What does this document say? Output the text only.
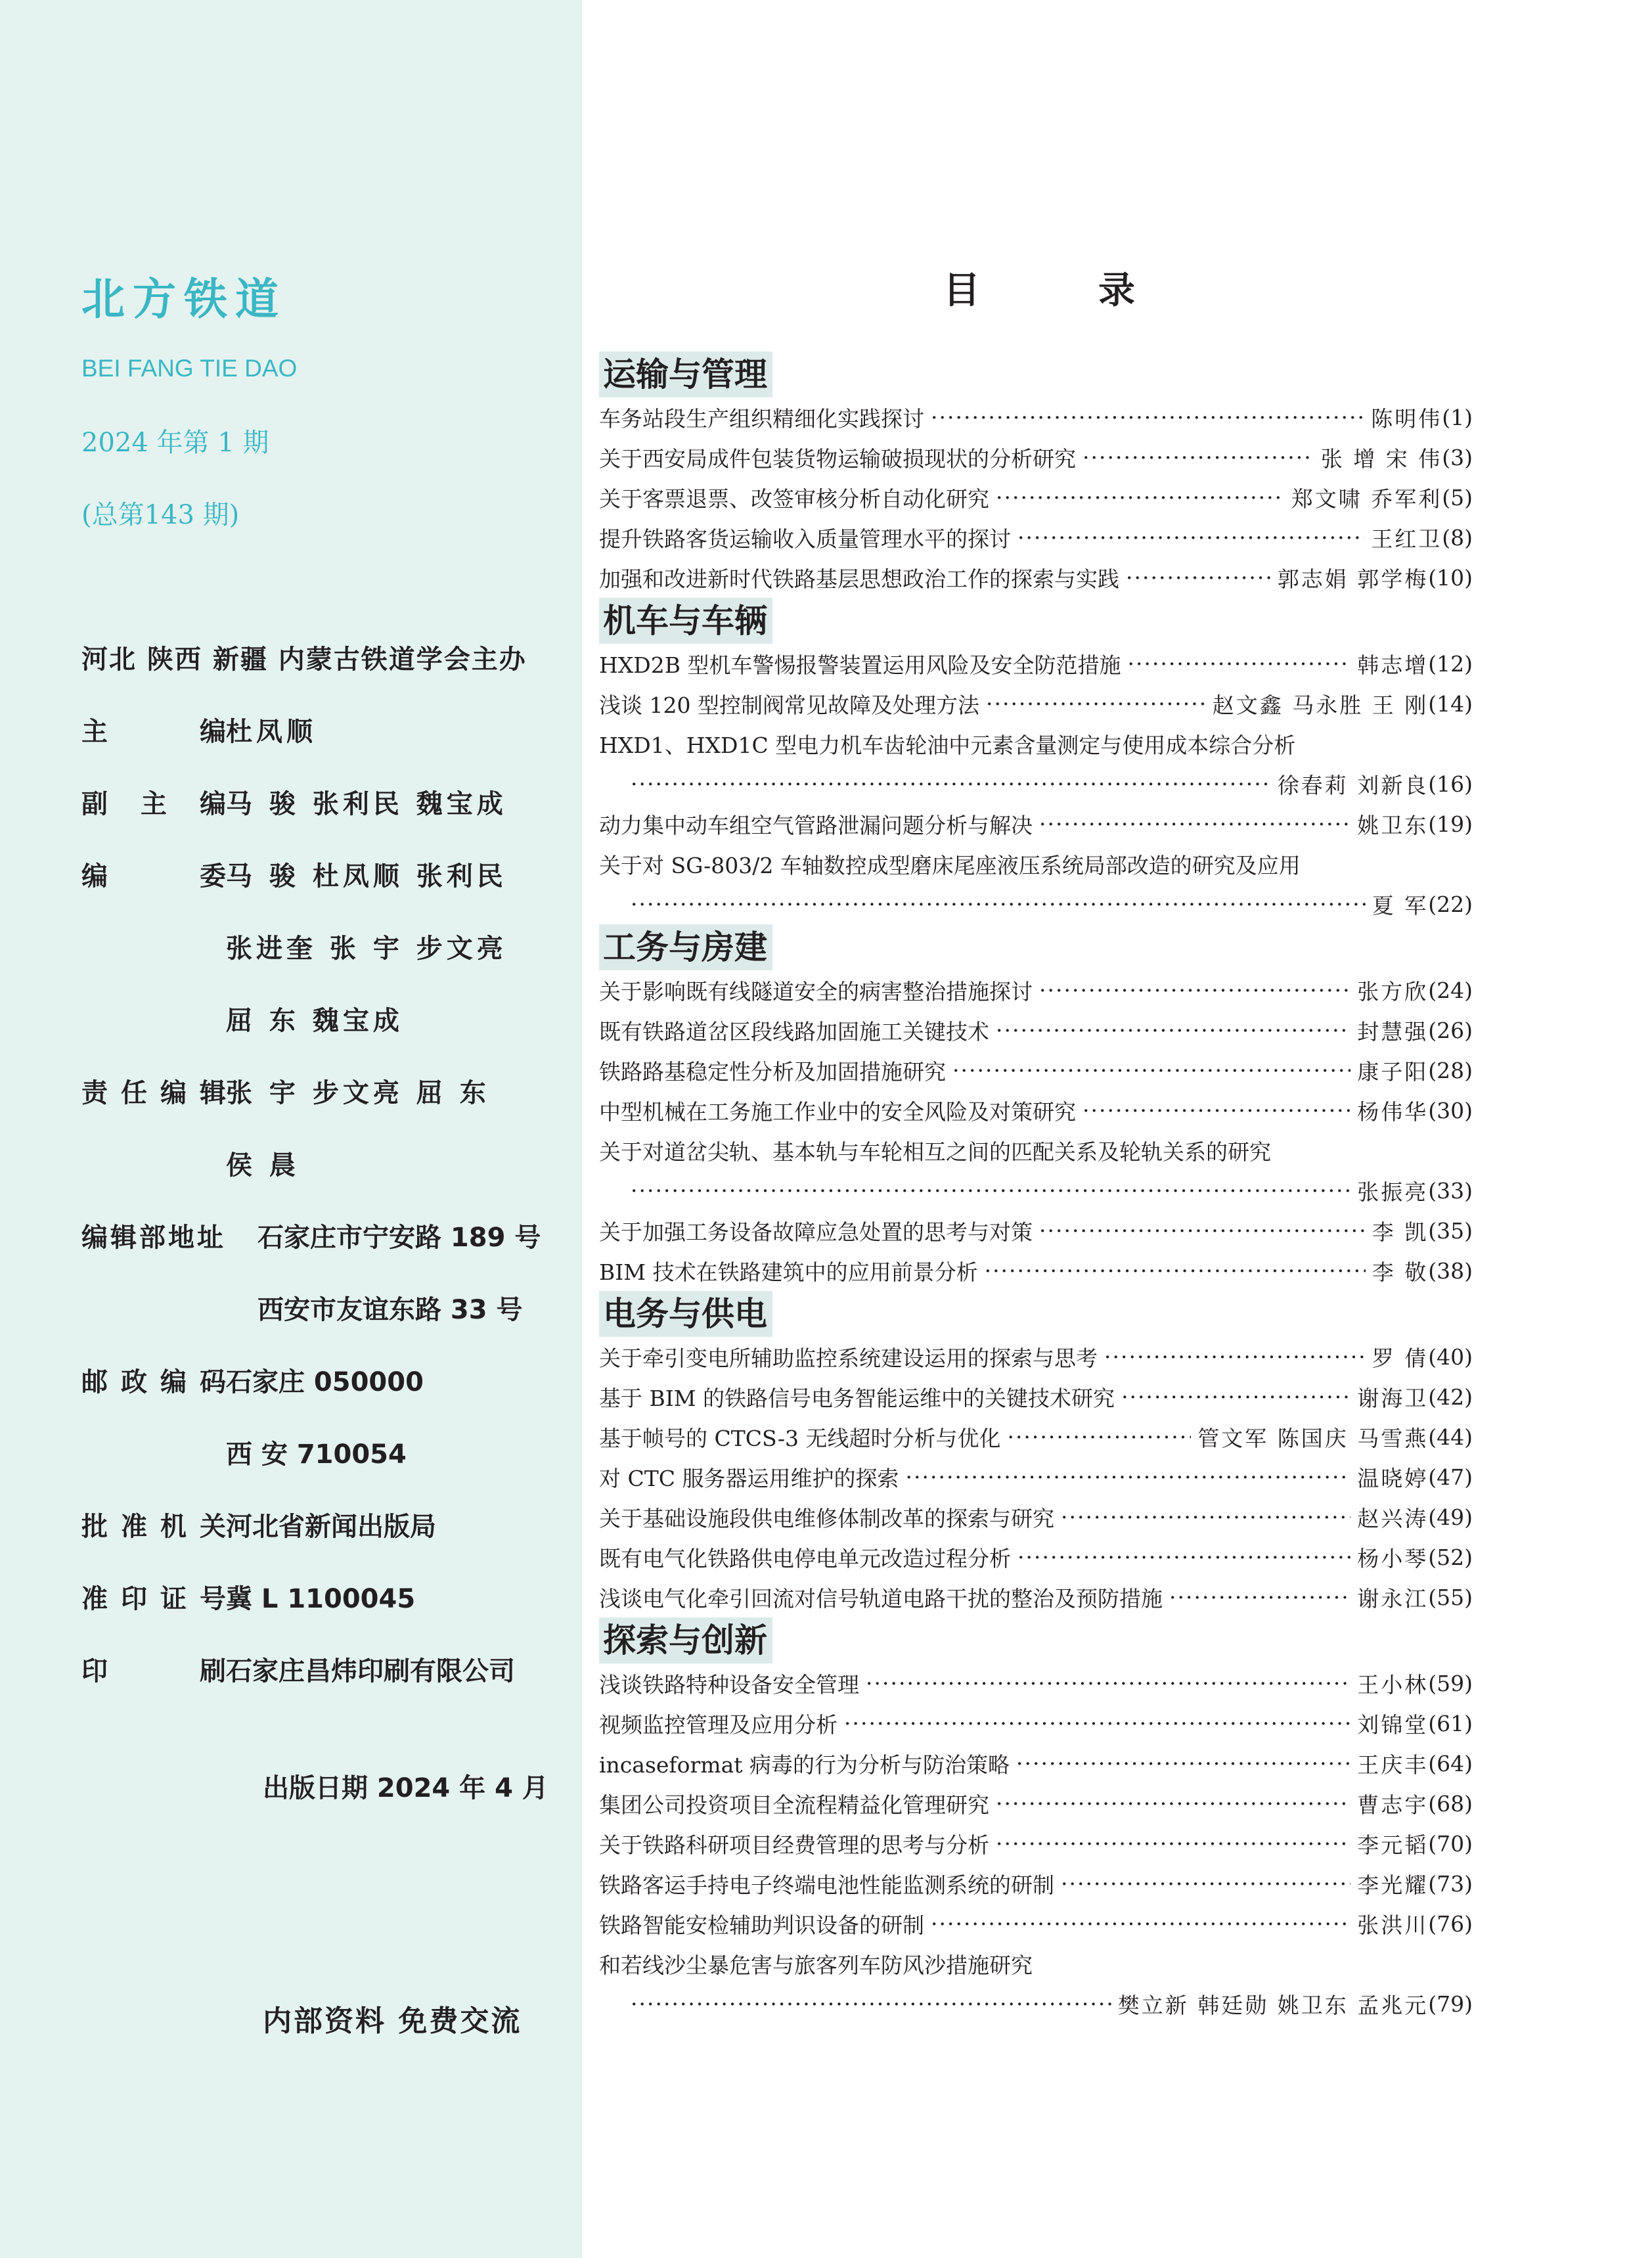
北方铁道
BEI FANG TIE DAO
2024 年第 1 期
(总第143 期)
河北 陕西 新疆 内蒙古铁道学会主办
主编 杜凤顺
副主编 马 骏 张利民 魏宝成
编委 马 骏 杜凤顺 张利民
张进奎 张 宇 步文亮
屈 东 魏宝成
责任编辑 张 宇 步文亮 屈 东
侯 晨
编辑部地址 石家庄市宁安路 189 号
西安市友谊东路 33 号
邮政编码 石家庄 050000
西 安 710054
批准机关 河北省新闻出版局
准印证号 冀 L 1100045
印刷 石家庄昌炜印刷有限公司
出版日期 2024 年 4 月
内部资料 免费交流
目录
运输与管理
车务站段生产组织精细化实践探讨 ·····	陈明伟 (1)
关于西安局成件包装货物运输破损现状的分析研究 ·····	张 增 宋 伟 (3)
关于客票退票、改签审核分析自动化研究 ·····	郑文啸 乔军利 (5)
提升铁路客货运输收入质量管理水平的探讨 ·····	王红卫 (8)
加强和改进新时代铁路基层思想政治工作的探索与实践 ·····	郭志娟 郭学梅 (10)
机车与车辆
HXD2B 型机车警惕报警装置运用风险及安全防范措施 ·····	韩志增 (12)
浅谈 120 型控制阀常见故障及处理方法 ·····	赵文鑫 马永胜 王 刚 (14)
HXD1、HXD1C 型电力机车齿轮油中元素含量测定与使用成本综合分析
·····
徐春莉 刘新良 (16)
动力集中动车组空气管路泄漏问题分析与解决 ·····	姚卫东 (19)
关于对 SG-803/2 车轴数控成型磨床尾座液压系统局部改造的研究及应用
·····
夏 军 (22)
工务与房建
关于影响既有线隧道安全的病害整治措施探讨 ·····	张方欣 (24)
既有铁路道岔区段线路加固施工关键技术 ·····	封慧强 (26)
铁路路基稳定性分析及加固措施研究 ·····	康子阳 (28)
中型机械在工务施工作业中的安全风险及对策研究 ·····	杨伟华 (30)
关于对道岔尖轨、基本轨与车轮相互之间的匹配关系及轮轨关系的研究
·····
张振亮 (33)
关于加强工务设备故障应急处置的思考与对策 ·····	李 凯 (35)
BIM 技术在铁路建筑中的应用前景分析 ·····	李 敬 (38)
电务与供电
关于牵引变电所辅助监控系统建设运用的探索与思考 ·····	罗 倩 (40)
基于 BIM 的铁路信号电务智能运维中的关键技术研究 ·····	谢海卫 (42)
基于帧号的 CTCS-3 无线超时分析与优化 ·····	管文军 陈国庆 马雪燕 (44)
对 CTC 服务器运用维护的探索 ·····	温晓婷 (47)
关于基础设施段供电维修体制改革的探索与研究 ·····	赵兴涛 (49)
既有电气化铁路供电停电单元改造过程分析 ·····	杨小琴 (52)
浅谈电气化牵引回流对信号轨道电路干扰的整治及预防措施 ·····	谢永江 (55)
探索与创新
浅谈铁路特种设备安全管理 ·····	王小林 (59)
视频监控管理及应用分析 ·····	刘锦堂 (61)
incaseformat 病毒的行为分析与防治策略 ·····	王庆丰 (64)
集团公司投资项目全流程精益化管理研究 ·····	曹志宇 (68)
关于铁路科研项目经费管理的思考与分析 ·····	李元韬 (70)
铁路客运手持电子终端电池性能监测系统的研制 ·····	李光耀 (73)
铁路智能安检辅助判识设备的研制 ·····	张洪川 (76)
和若线沙尘暴危害与旅客列车防风沙措施研究
·····
樊立新 韩廷勋 姚卫东 孟兆元 (79)
